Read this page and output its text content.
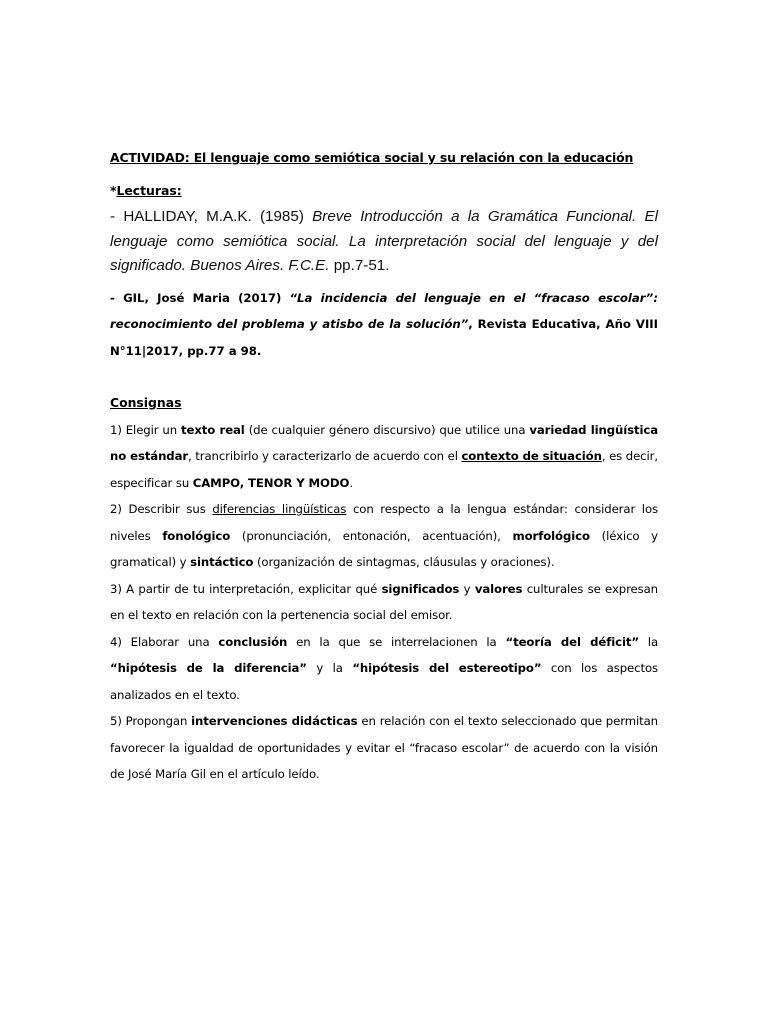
ACTIVIDAD: El lenguaje como semiótica social y su relación con la educación

*Lecturas:

- HALLIDAY, M.A.K. (1985) Breve Introducción a la Gramática Funcional. El lenguaje como semiótica social. La interpretación social del lenguaje y del significado. Buenos Aires. F.C.E. pp.7-51.

- GIL, José Maria (2017) “La incidencia del lenguaje en el “fracaso escolar”: reconocimiento del problema y atisbo de la solución”, Revista Educativa, Año VIII N°11|2017, pp.77 a 98.

Consignas

1) Elegir un texto real (de cualquier género discursivo) que utilice una variedad lingüística no estándar, trancribirlo y caracterizarlo de acuerdo con el contexto de situación, es decir, especificar su CAMPO, TENOR Y MODO.

2) Describir sus diferencias lingüísticas con respecto a la lengua estándar: considerar los niveles fonológico (pronunciación, entonación, acentuación), morfológico (léxico y gramatical) y sintáctico (organización de sintagmas, cláusulas y oraciones).

3) A partir de tu interpretación, explicitar qué significados y valores culturales se expresan en el texto en relación con la pertenencia social del emisor.

4) Elaborar una conclusión en la que se interrelacionen la “teoría del déficit” la “hipótesis de la diferencia” y la “hipótesis del estereotipo” con los aspectos analizados en el texto.

5) Propongan intervenciones didácticas en relación con el texto seleccionado que permitan favorecer la igualdad de oportunidades y evitar el “fracaso escolar” de acuerdo con la visión de José María Gil en el artículo leído.
